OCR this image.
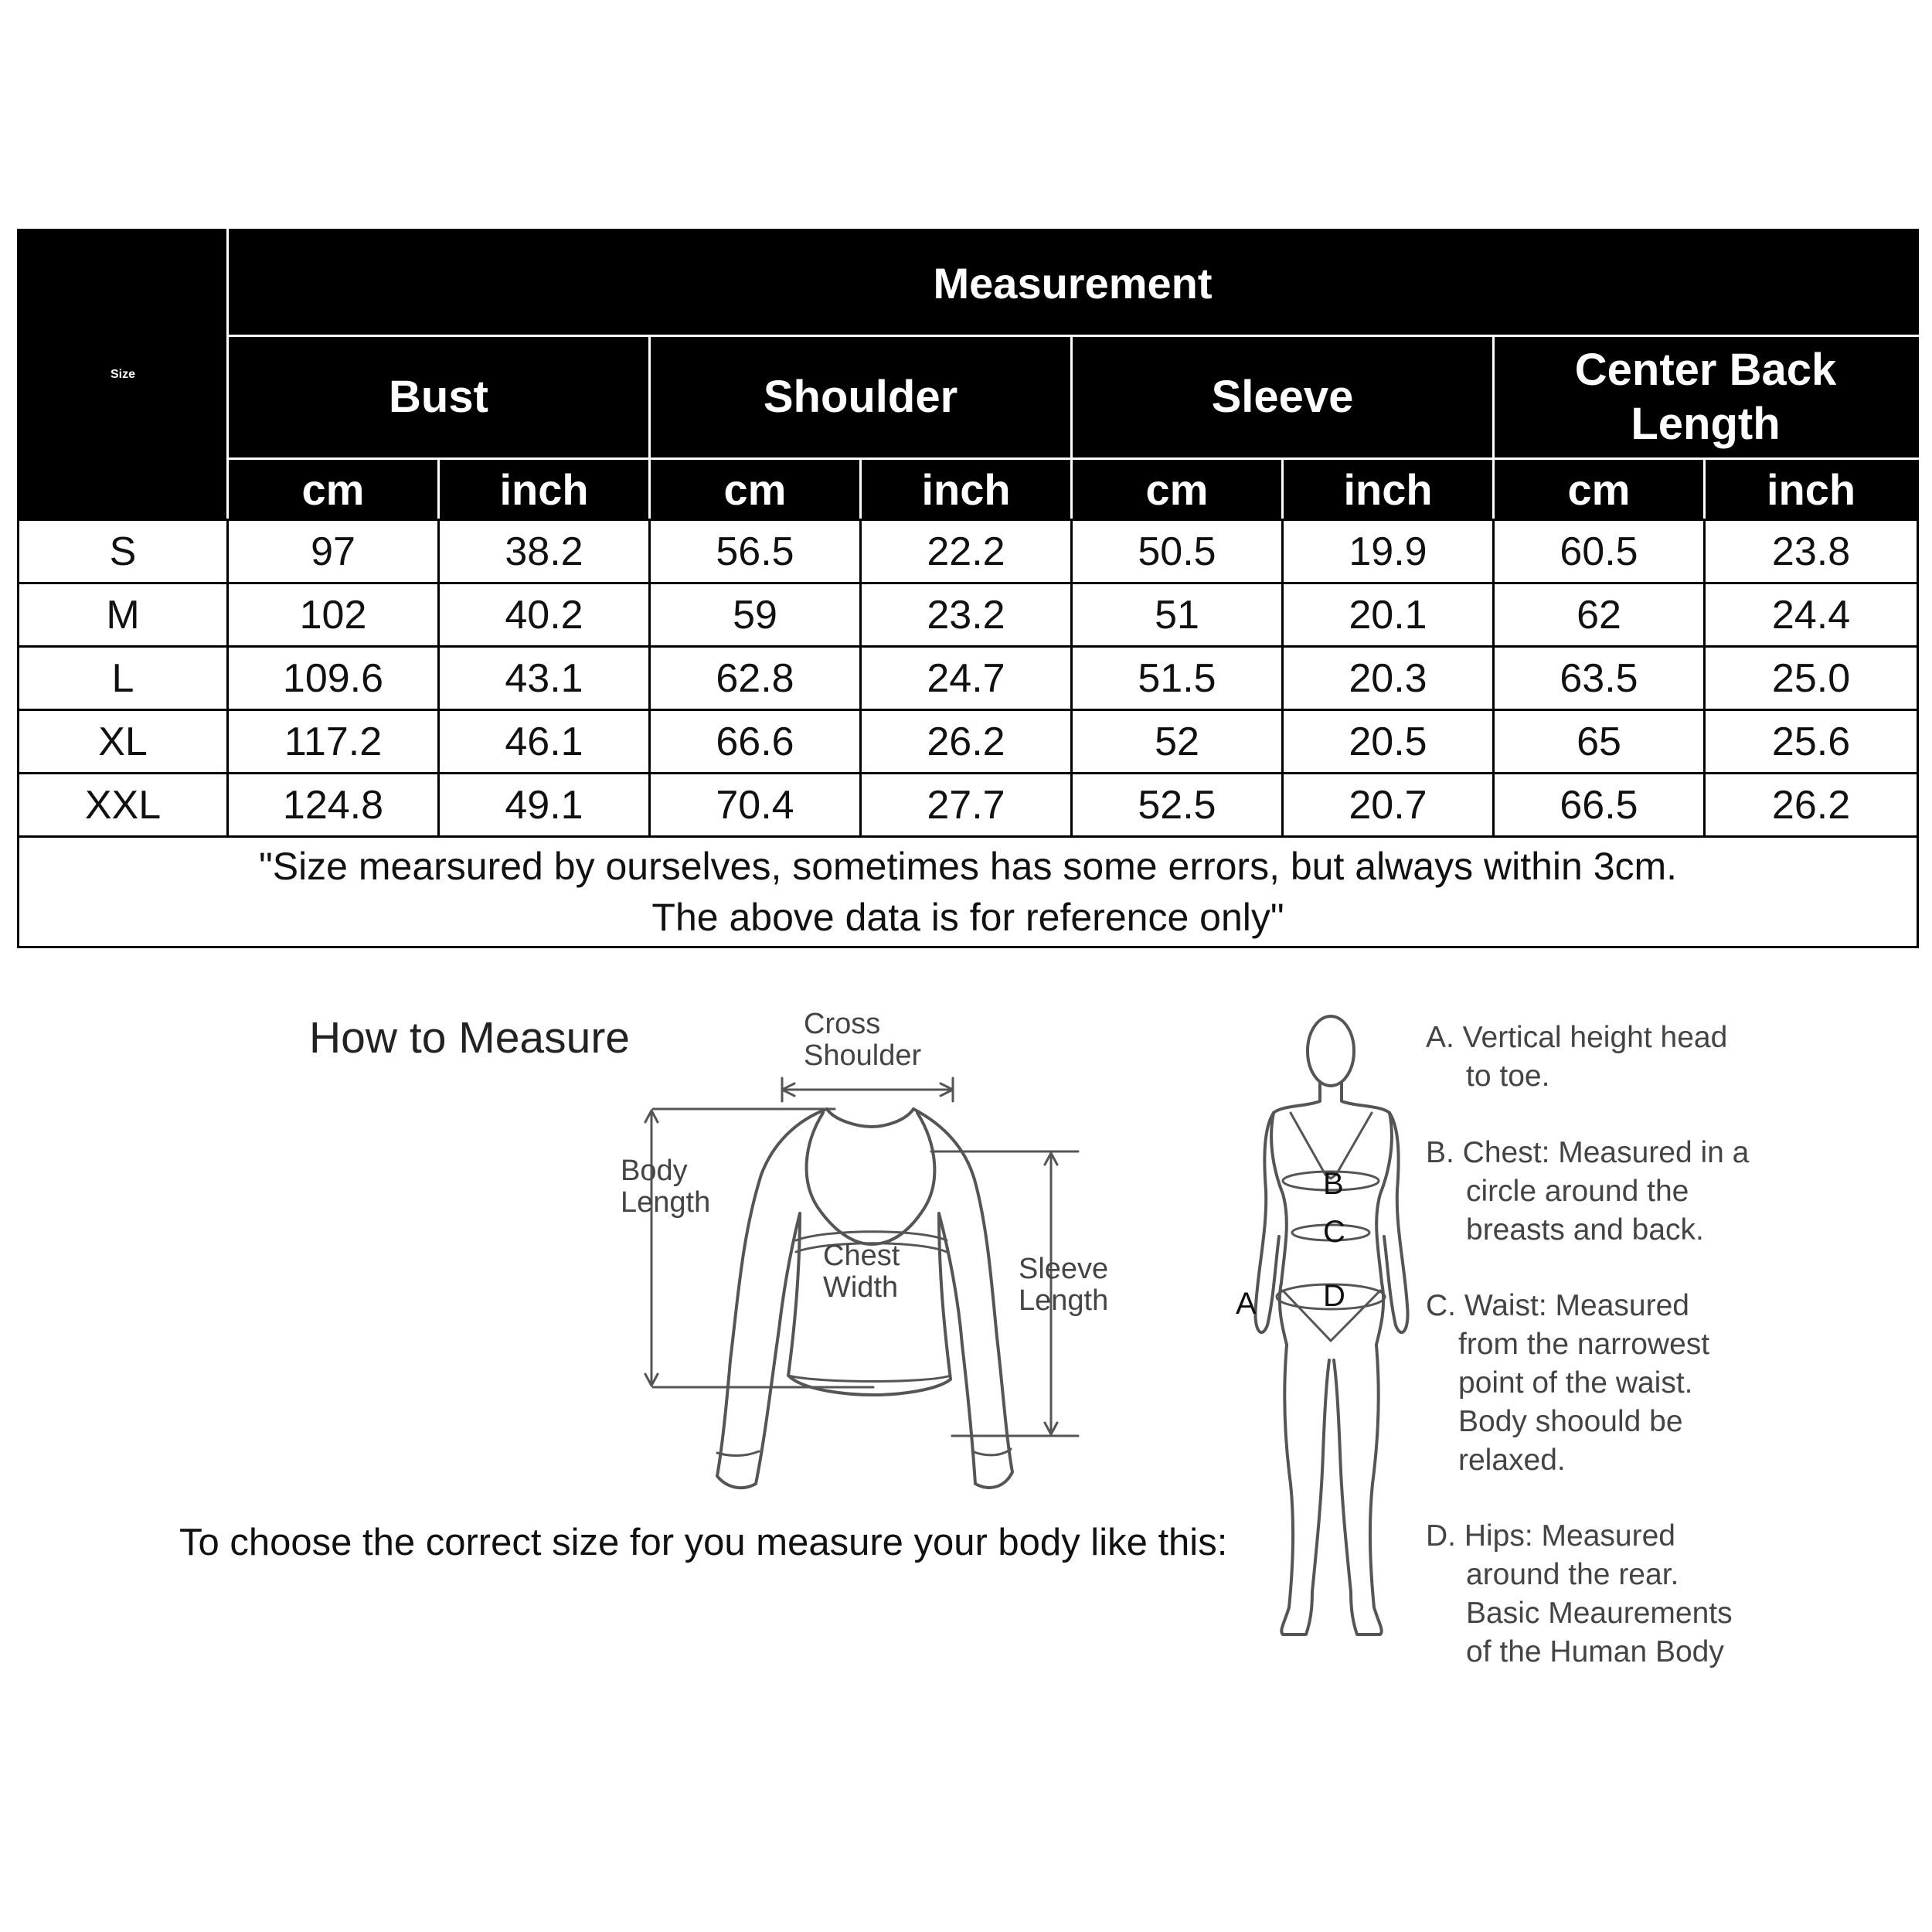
Size	Measurement							
	Bust		Shoulder		Sleeve		Center Back
Length	

	cm	inch	cm	inch	cm	inch	cm	inch
S	97	38.2	56.5	22.2	50.5	19.9	60.5	23.8
M	102	40.2	59	23.2	51	20.1	62	24.4
L	109.6	43.1	62.8	24.7	51.5	20.3	63.5	25.0
XL	117.2	46.1	66.6	26.2	52	20.5	65	25.6
XXL	124.8	49.1	70.4	27.7	52.5	20.7	66.5	26.2

"Size mearsured by ourselves, sometimes has some errors, but always within 3cm.
The above data is for reference only"								
How to Measure	Cross
Shoulder
Body
Length
Chest
Width
Sleeve
Length	A
B
C
D
To choose the correct size for you measure your body like this:
A. Vertical height head
to toe.
B. Chest: Measured in a
circle around the
breasts and back.
C. Waist: Measured
from the narrowest
point of the waist.
Body shoould be
relaxed.
D. Hips: Measured
around the rear.
Basic Meaurements
of the Human Body
